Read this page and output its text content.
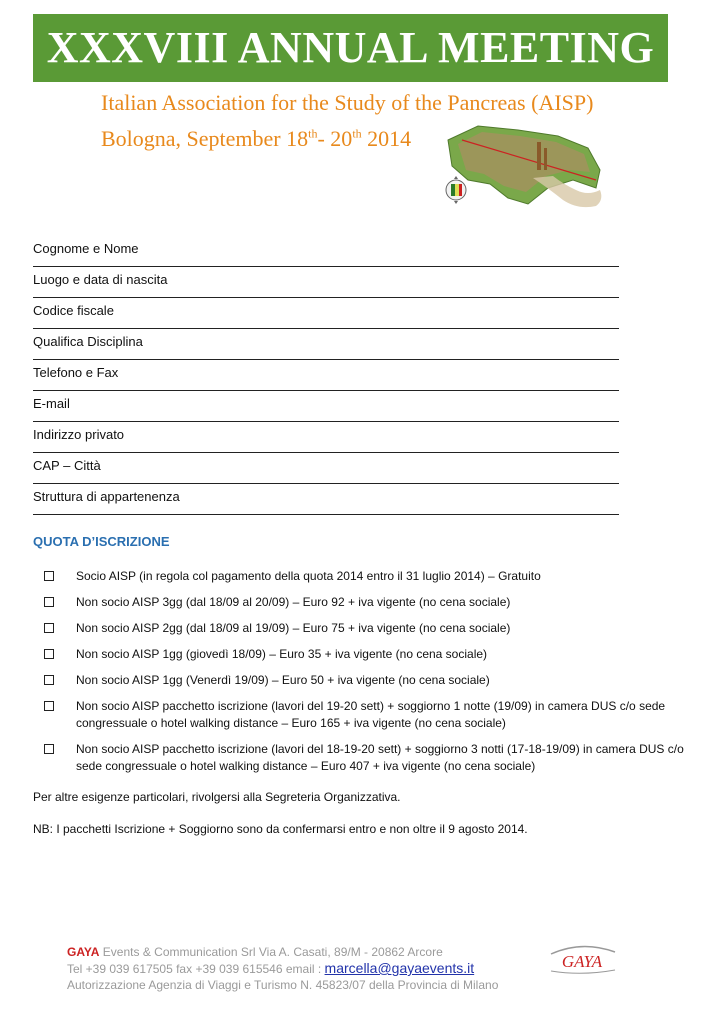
XXXVIII ANNUAL MEETING
Italian Association for the Study of the Pancreas (AISP)
Bologna, September 18th- 20th 2014
Cognome e Nome
Luogo e data di nascita
Codice fiscale
Qualifica Disciplina
Telefono e Fax
E-mail
Indirizzo privato
CAP – Città
Struttura di appartenenza
QUOTA D’ISCRIZIONE
Socio AISP (in regola col pagamento della quota 2014 entro il 31 luglio 2014) – Gratuito
Non socio AISP 3gg (dal 18/09 al 20/09) – Euro 92 + iva vigente (no cena sociale)
Non socio AISP 2gg (dal 18/09 al 19/09) – Euro 75 + iva vigente (no cena sociale)
Non socio AISP 1gg (giovedì 18/09) – Euro 35 + iva vigente (no cena sociale)
Non socio AISP 1gg (Venerdì 19/09) – Euro 50 + iva vigente (no cena sociale)
Non socio AISP pacchetto iscrizione (lavori del 19-20 sett) + soggiorno 1 notte (19/09) in camera DUS c/o sede congressuale o hotel walking distance – Euro 165 + iva vigente (no cena sociale)
Non socio AISP pacchetto iscrizione (lavori del 18-19-20 sett) + soggiorno 3 notti (17-18-19/09) in camera DUS c/o sede congressuale o hotel walking distance – Euro 407 + iva vigente (no cena sociale)
Per altre esigenze particolari, rivolgersi alla Segreteria Organizzativa.
NB: I pacchetti Iscrizione + Soggiorno sono da confermarsi entro e non oltre il 9 agosto 2014.
GAYA Events & Communication Srl Via A. Casati, 89/M - 20862 Arcore
Tel +39 039 617505 fax +39 039 615546 email : marcella@gayaevents.it
Autorizzazione Agenzia di Viaggi e Turismo N. 45823/07 della Provincia di Milano
GAYA
